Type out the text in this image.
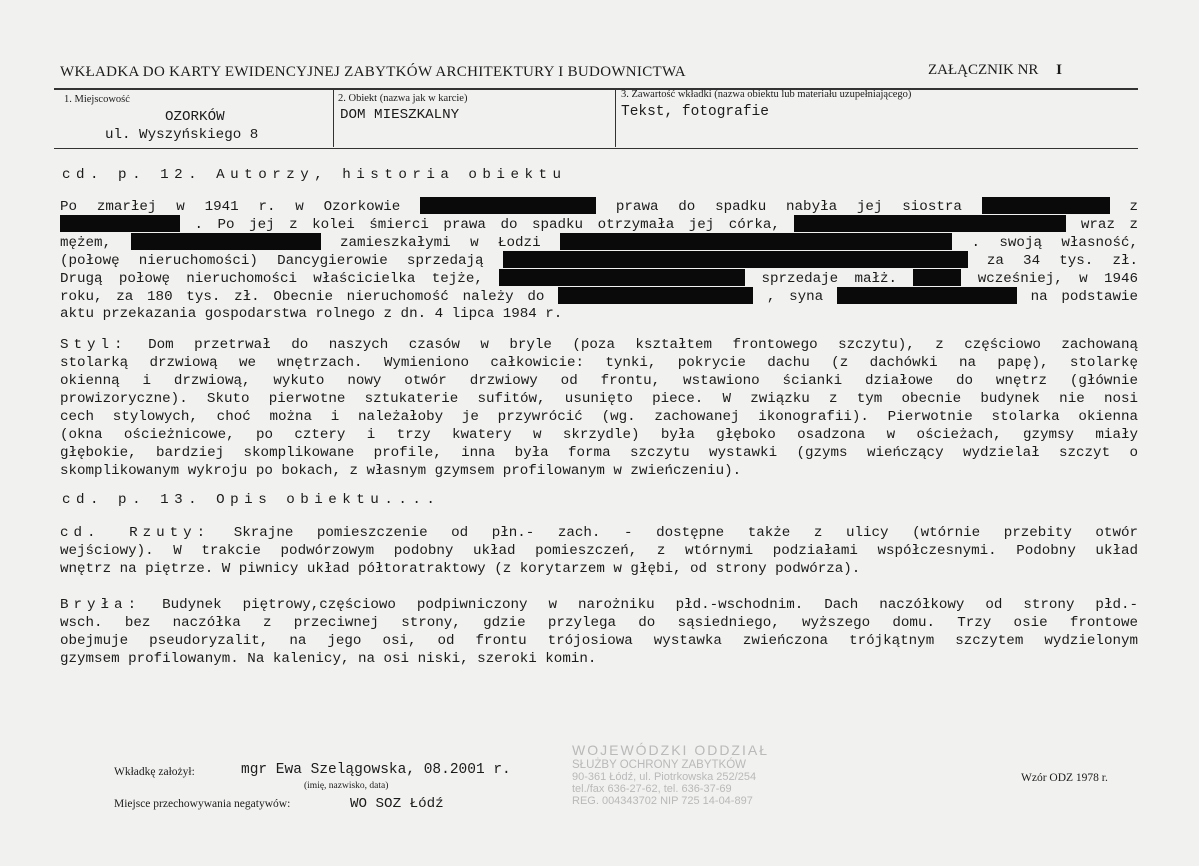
WKŁADKA DO KARTY EWIDENCYJNEJ ZABYTKÓW ARCHITEKTURY I BUDOWNICTWA	ZAŁĄCZNIK NR I
1. Miejscowość
OZORKÓW
ul. Wyszyńskiego 8
2. Obiekt (nazwa jak w karcie)
DOM MIESZKALNY
3. Zawartość wkładki (nazwa obiektu lub materiału uzupełniającego)
Tekst, fotografie
cd. p. 12. Autorzy, historia obiektu
Po zmarłej w 1941 r. w Ozorkowie	prawa do spadku nabyła jej siostra	z
. Po jej z kolei śmierci prawa do spadku otrzymała jej córka,	wraz z
mężem,	zamieszkałymi w Łodzi	. swoją własność,
(połowę nieruchomości) Dancygierowie sprzedają	za 34 tys. zł.
Drugą połowę nieruchomości właścicielka tejże,	sprzedaje małż.	wcześniej, w 1946
roku, za 180 tys. zł. Obecnie nieruchomość należy do	, syna	na podstawie
aktu przekazania gospodarstwa rolnego z dn. 4 lipca 1984 r.
Styl: Dom przetrwał do naszych czasów w bryle (poza kształtem frontowego szczytu), z częściowo zachowaną
stolarką drzwiową we wnętrzach. Wymieniono całkowicie: tynki, pokrycie dachu (z dachówki na papę), stolarkę
okienną i drzwiową, wykuto nowy otwór drzwiowy od frontu, wstawiono ścianki działowe do wnętrz (głównie
prowizoryczne). Skuto pierwotne sztukaterie sufitów, usunięto piece. W związku z tym obecnie budynek nie nosi
cech stylowych, choć można i należałoby je przywrócić (wg. zachowanej ikonografii). Pierwotnie stolarka okienna
(okna ościeżnicowe, po cztery i trzy kwatery w skrzydle) była głęboko osadzona w ościeżach, gzymsy miały
głębokie, bardziej skomplikowane profile, inna była forma szczytu wystawki (gzyms wieńczący wydzielał szczyt o
skomplikowanym wykroju po bokach, z własnym gzymsem profilowanym w zwieńczeniu).
cd. p. 13. Opis obiektu....
cd. Rzuty: Skrajne pomieszczenie od płn.- zach. - dostępne także z ulicy (wtórnie przebity otwór
wejściowy). W trakcie podwórzowym podobny układ pomieszczeń, z wtórnymi podziałami współczesnymi. Podobny układ
wnętrz na piętrze. W piwnicy układ półtoratraktowy (z korytarzem w głębi, od strony podwórza).
Bryła: Budynek piętrowy,częściowo podpiwniczony w narożniku płd.-wschodnim. Dach naczółkowy od strony płd.-
wsch. bez naczółka z przeciwnej strony, gdzie przylega do sąsiedniego, wyższego domu. Trzy osie frontowe
obejmuje pseudoryzalit, na jego osi, od frontu trójosiowa wystawka zwieńczona trójkątnym szczytem wydzielonym
gzymsem profilowanym. Na kalenicy, na osi niski, szeroki komin.
Wkładkę założył:	mgr Ewa Szelągowska, 08.2001 r.
(imię, nazwisko, data)
Miejsce przechowywania negatywów:	WO SOZ Łódź
Wzór ODZ 1978 r.
WOJEWÓDZKI ODDZIAŁ
SŁUŻBY OCHRONY ZABYTKÓW
90-361 Łódź, ul. Piotrkowska 252/254
tel./fax 636-27-62, tel. 636-37-69
REG. 004343702 NIP 725 14-04-897
